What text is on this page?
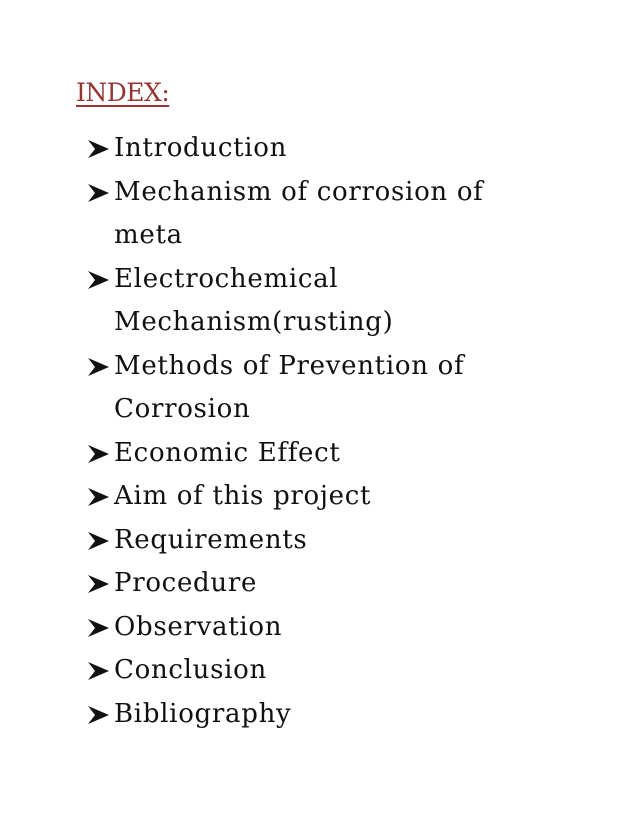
INDEX:
Introduction
Mechanism of corrosion of
meta
Electrochemical
Mechanism(rusting)
Methods of Prevention of
Corrosion
Economic Effect
Aim of this project
Requirements
Procedure
Observation
Conclusion
Bibliography
